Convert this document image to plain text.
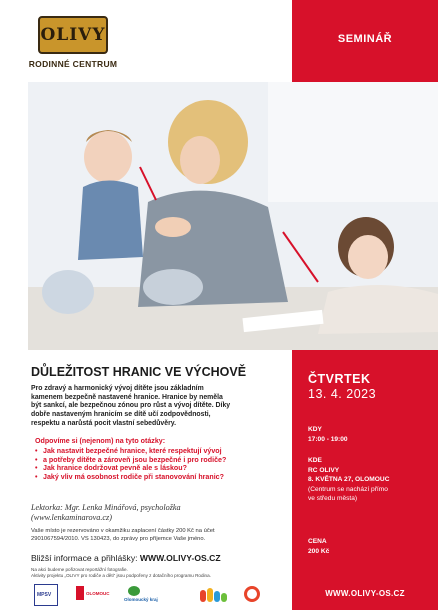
OLIVY
RODINNÉ CENTRUM
SEMINÁŘ
DŮLEŽITOST HRANIC VE VÝCHOVĚ
Pro zdravý a harmonický vývoj dítěte jsou základním
kamenem bezpečně nastavené hranice. Hranice by neměla
být sankcí, ale bezpečnou zónou pro růst a vývoj dítěte. Díky
dobře nastaveným hranicím se dítě učí zodpovědnosti,
respektu a narůstá pocit vlastní sebedůvěry.
Odpovíme si (nejenom) na tyto otázky:
• Jak nastavit bezpečné hranice, které respektují vývoj
• a potřeby dítěte a zároveň jsou bezpečné i pro rodiče?
• Jak hranice dodržovat pevně ale s láskou?
• Jaký vliv má osobnost rodiče při stanovování hranic?
Lektorka: Mgr. Lenka Minářová, psycholožka
(www.lenkaminarova.cz)
Vaše místo je rezervováno v okamžiku zaplacení částky 200 Kč na účet
2901067594/2010. VS 130423, do zprávy pro příjemce Vaše jméno.
Bližší informace a přihlášky: WWW.OLIVY-OS.CZ
Na akci budeme pořizovat reportážní fotografie.
Aktivity projektu „OLIVY pro rodiče a děti“ jsou podpořeny z dotačního programu Rodina.
ČTVRTEK
13. 4. 2023
KDY
17:00 - 19:00
KDE
RC OLIVY
8. KVĚTNA 27, OLOMOUC
(Centrum se nachází přímo
ve středu města)
CENA
200 Kč
MPSV	OLOMOUC
Olomoucký kraj
WWW.OLIVY-OS.CZ
